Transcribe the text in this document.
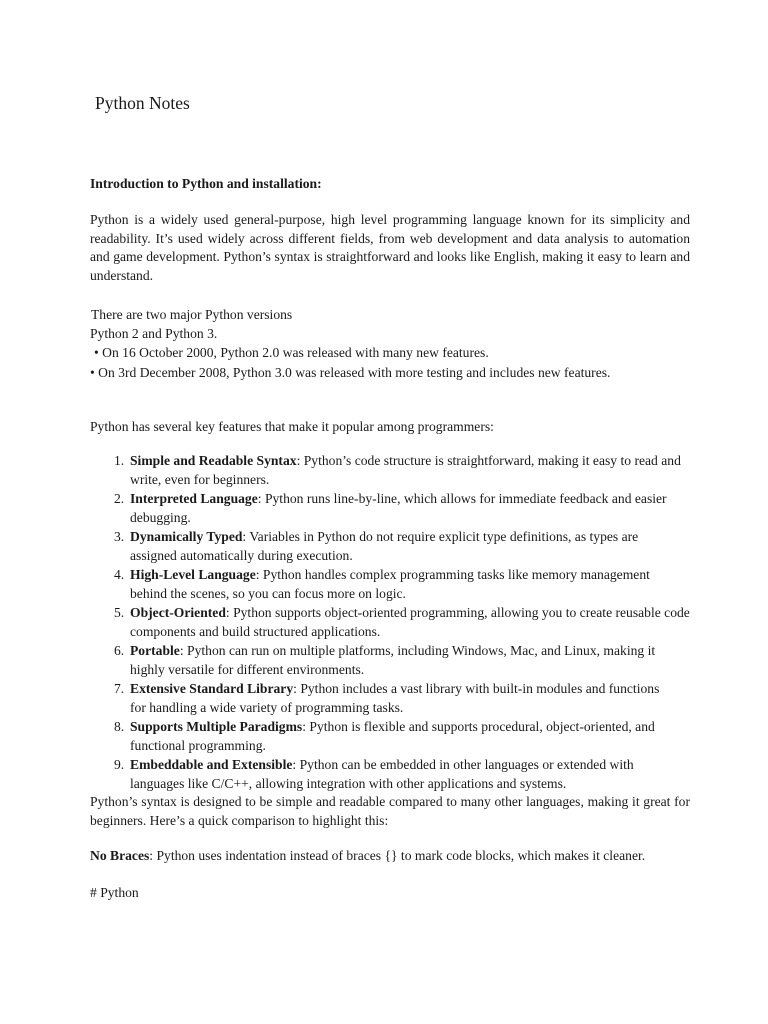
Python Notes
Introduction to Python and installation:
Python is a widely used general-purpose, high level programming language known for its simplicity and readability. It’s used widely across different fields, from web development and data analysis to automation and game development. Python’s syntax is straightforward and looks like English, making it easy to learn and understand.
There are two major Python versions
Python 2 and Python 3.
• On 16 October 2000, Python 2.0 was released with many new features.
• On 3rd December 2008, Python 3.0 was released with more testing and includes new features.
Python has several key features that make it popular among programmers:
1. Simple and Readable Syntax: Python’s code structure is straightforward, making it easy to read and write, even for beginners.
2. Interpreted Language: Python runs line-by-line, which allows for immediate feedback and easier debugging.
3. Dynamically Typed: Variables in Python do not require explicit type definitions, as types are assigned automatically during execution.
4. High-Level Language: Python handles complex programming tasks like memory management behind the scenes, so you can focus more on logic.
5. Object-Oriented: Python supports object-oriented programming, allowing you to create reusable code components and build structured applications.
6. Portable: Python can run on multiple platforms, including Windows, Mac, and Linux, making it highly versatile for different environments.
7. Extensive Standard Library: Python includes a vast library with built-in modules and functions for handling a wide variety of programming tasks.
8. Supports Multiple Paradigms: Python is flexible and supports procedural, object-oriented, and functional programming.
9. Embeddable and Extensible: Python can be embedded in other languages or extended with languages like C/C++, allowing integration with other applications and systems.
Python’s syntax is designed to be simple and readable compared to many other languages, making it great for beginners. Here’s a quick comparison to highlight this:
No Braces: Python uses indentation instead of braces {} to mark code blocks, which makes it cleaner.
# Python
